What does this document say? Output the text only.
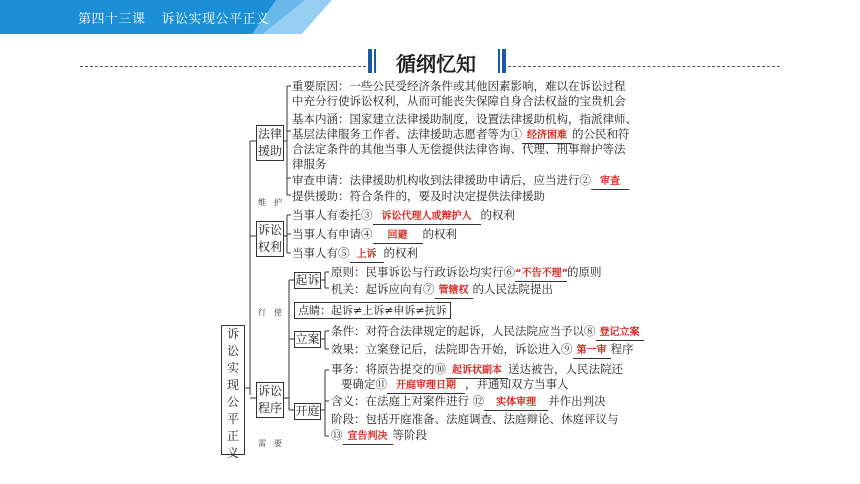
第四十三课 诉讼实现公平正义
循纲忆知
诉讼实现公平正义
维 护
行 使
需 要
法律援助
诉讼权利
诉讼程序
起诉
立案
开庭
重要原因：一些公民受经济条件或其他因素影响，难以在诉讼过程
中充分行使诉讼权利，从而可能丧失保障自身合法权益的宝贵机会
基本内涵：国家建立法律援助制度，设置法律援助机构，指派律师、
基层法律服务工作者、法律援助志愿者等为① 经济困难 的公民和符
合法定条件的其他当事人无偿提供法律咨询、代理、刑事辩护等法
律服务
审查申请：法律援助机构收到法律援助申请后，应当进行② 审查
提供援助：符合条件的，要及时决定提供法律援助
当事人有委托③ 诉讼代理人或辩护人 的权利
当事人有申请④ 回避 的权利
当事人有⑤ 上诉 的权利
原则：民事诉讼与行政诉讼均实行⑥“不告不理”的原则
机关：起诉应向有⑦ 管辖权 的人民法院提出
点睛：起诉≠上诉≠申诉≠抗诉
条件：对符合法律规定的起诉，人民法院应当予以⑧ 登记立案
效果：立案登记后，法院即告开始，诉讼进入⑨ 第一审 程序
事务：将原告提交的⑩ 起诉状副本 送达被告，人民法院还
要确定⑪ 开庭审理日期 ，并通知双方当事人
含义：在法庭上对案件进行 ⑫ 实体审理 并作出判决
阶段：包括开庭准备、法庭调查、法庭辩论、休庭评议与
⑬ 宣告判决 等阶段
